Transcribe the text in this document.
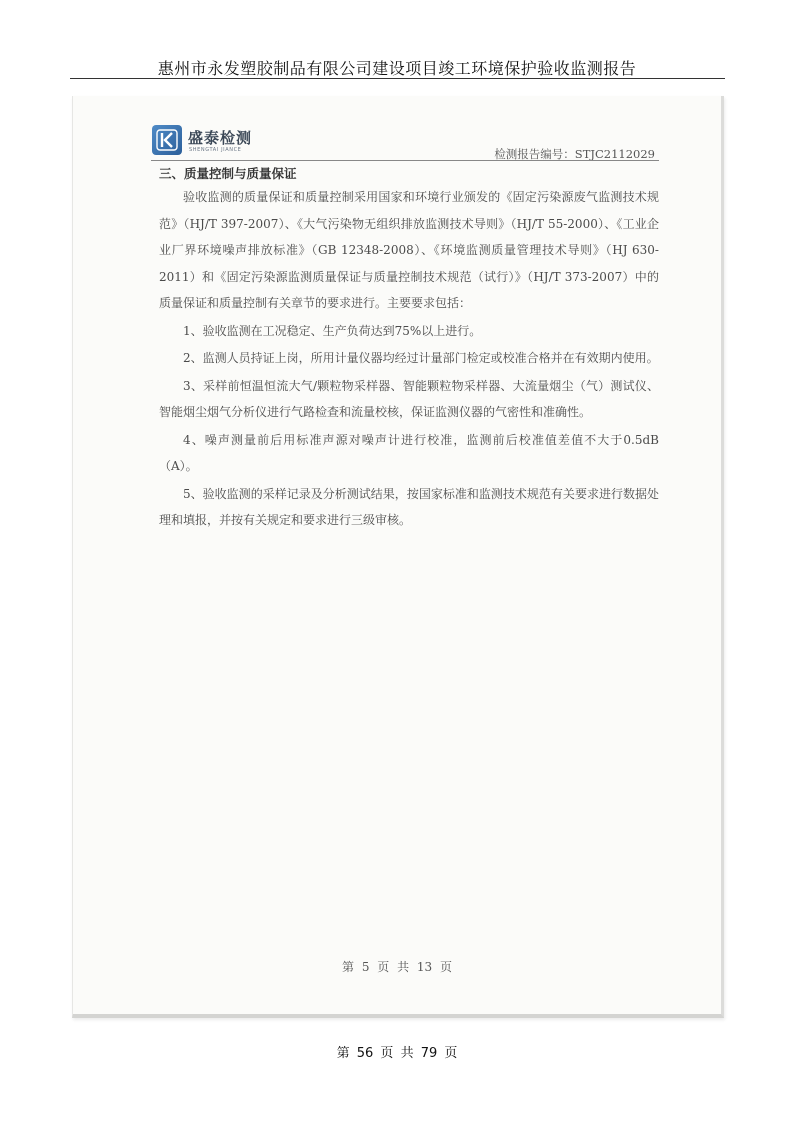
惠州市永发塑胶制品有限公司建设项目竣工环境保护验收监测报告
盛泰检测
SHENGTAI JIANCE	检测报告编号：STJC2112029
三、质量控制与质量保证

验收监测的质量保证和质量控制采用国家和环境行业颁发的《固定污染源废气监测技术规范》（HJ/T 397-2007）、《大气污染物无组织排放监测技术导则》（HJ/T 55-2000）、《工业企业厂界环境噪声排放标准》（GB 12348-2008）、《环境监测质量管理技术导则》（HJ 630-2011）和《固定污染源监测质量保证与质量控制技术规范（试行）》（HJ/T 373-2007）中的质量保证和质量控制有关章节的要求进行。主要要求包括：

1、验收监测在工况稳定、生产负荷达到75%以上进行。

2、监测人员持证上岗，所用计量仪器均经过计量部门检定或校准合格并在有效期内使用。

3、采样前恒温恒流大气/颗粒物采样器、智能颗粒物采样器、大流量烟尘（气）测试仪、智能烟尘烟气分析仪进行气路检查和流量校核，保证监测仪器的气密性和准确性。

4、噪声测量前后用标准声源对噪声计进行校准，监测前后校准值差值不大于0.5dB（A）。

5、验收监测的采样记录及分析测试结果，按国家标准和监测技术规范有关要求进行数据处理和填报，并按有关规定和要求进行三级审核。

第 5 页 共 13 页
第 56 页 共 79 页
